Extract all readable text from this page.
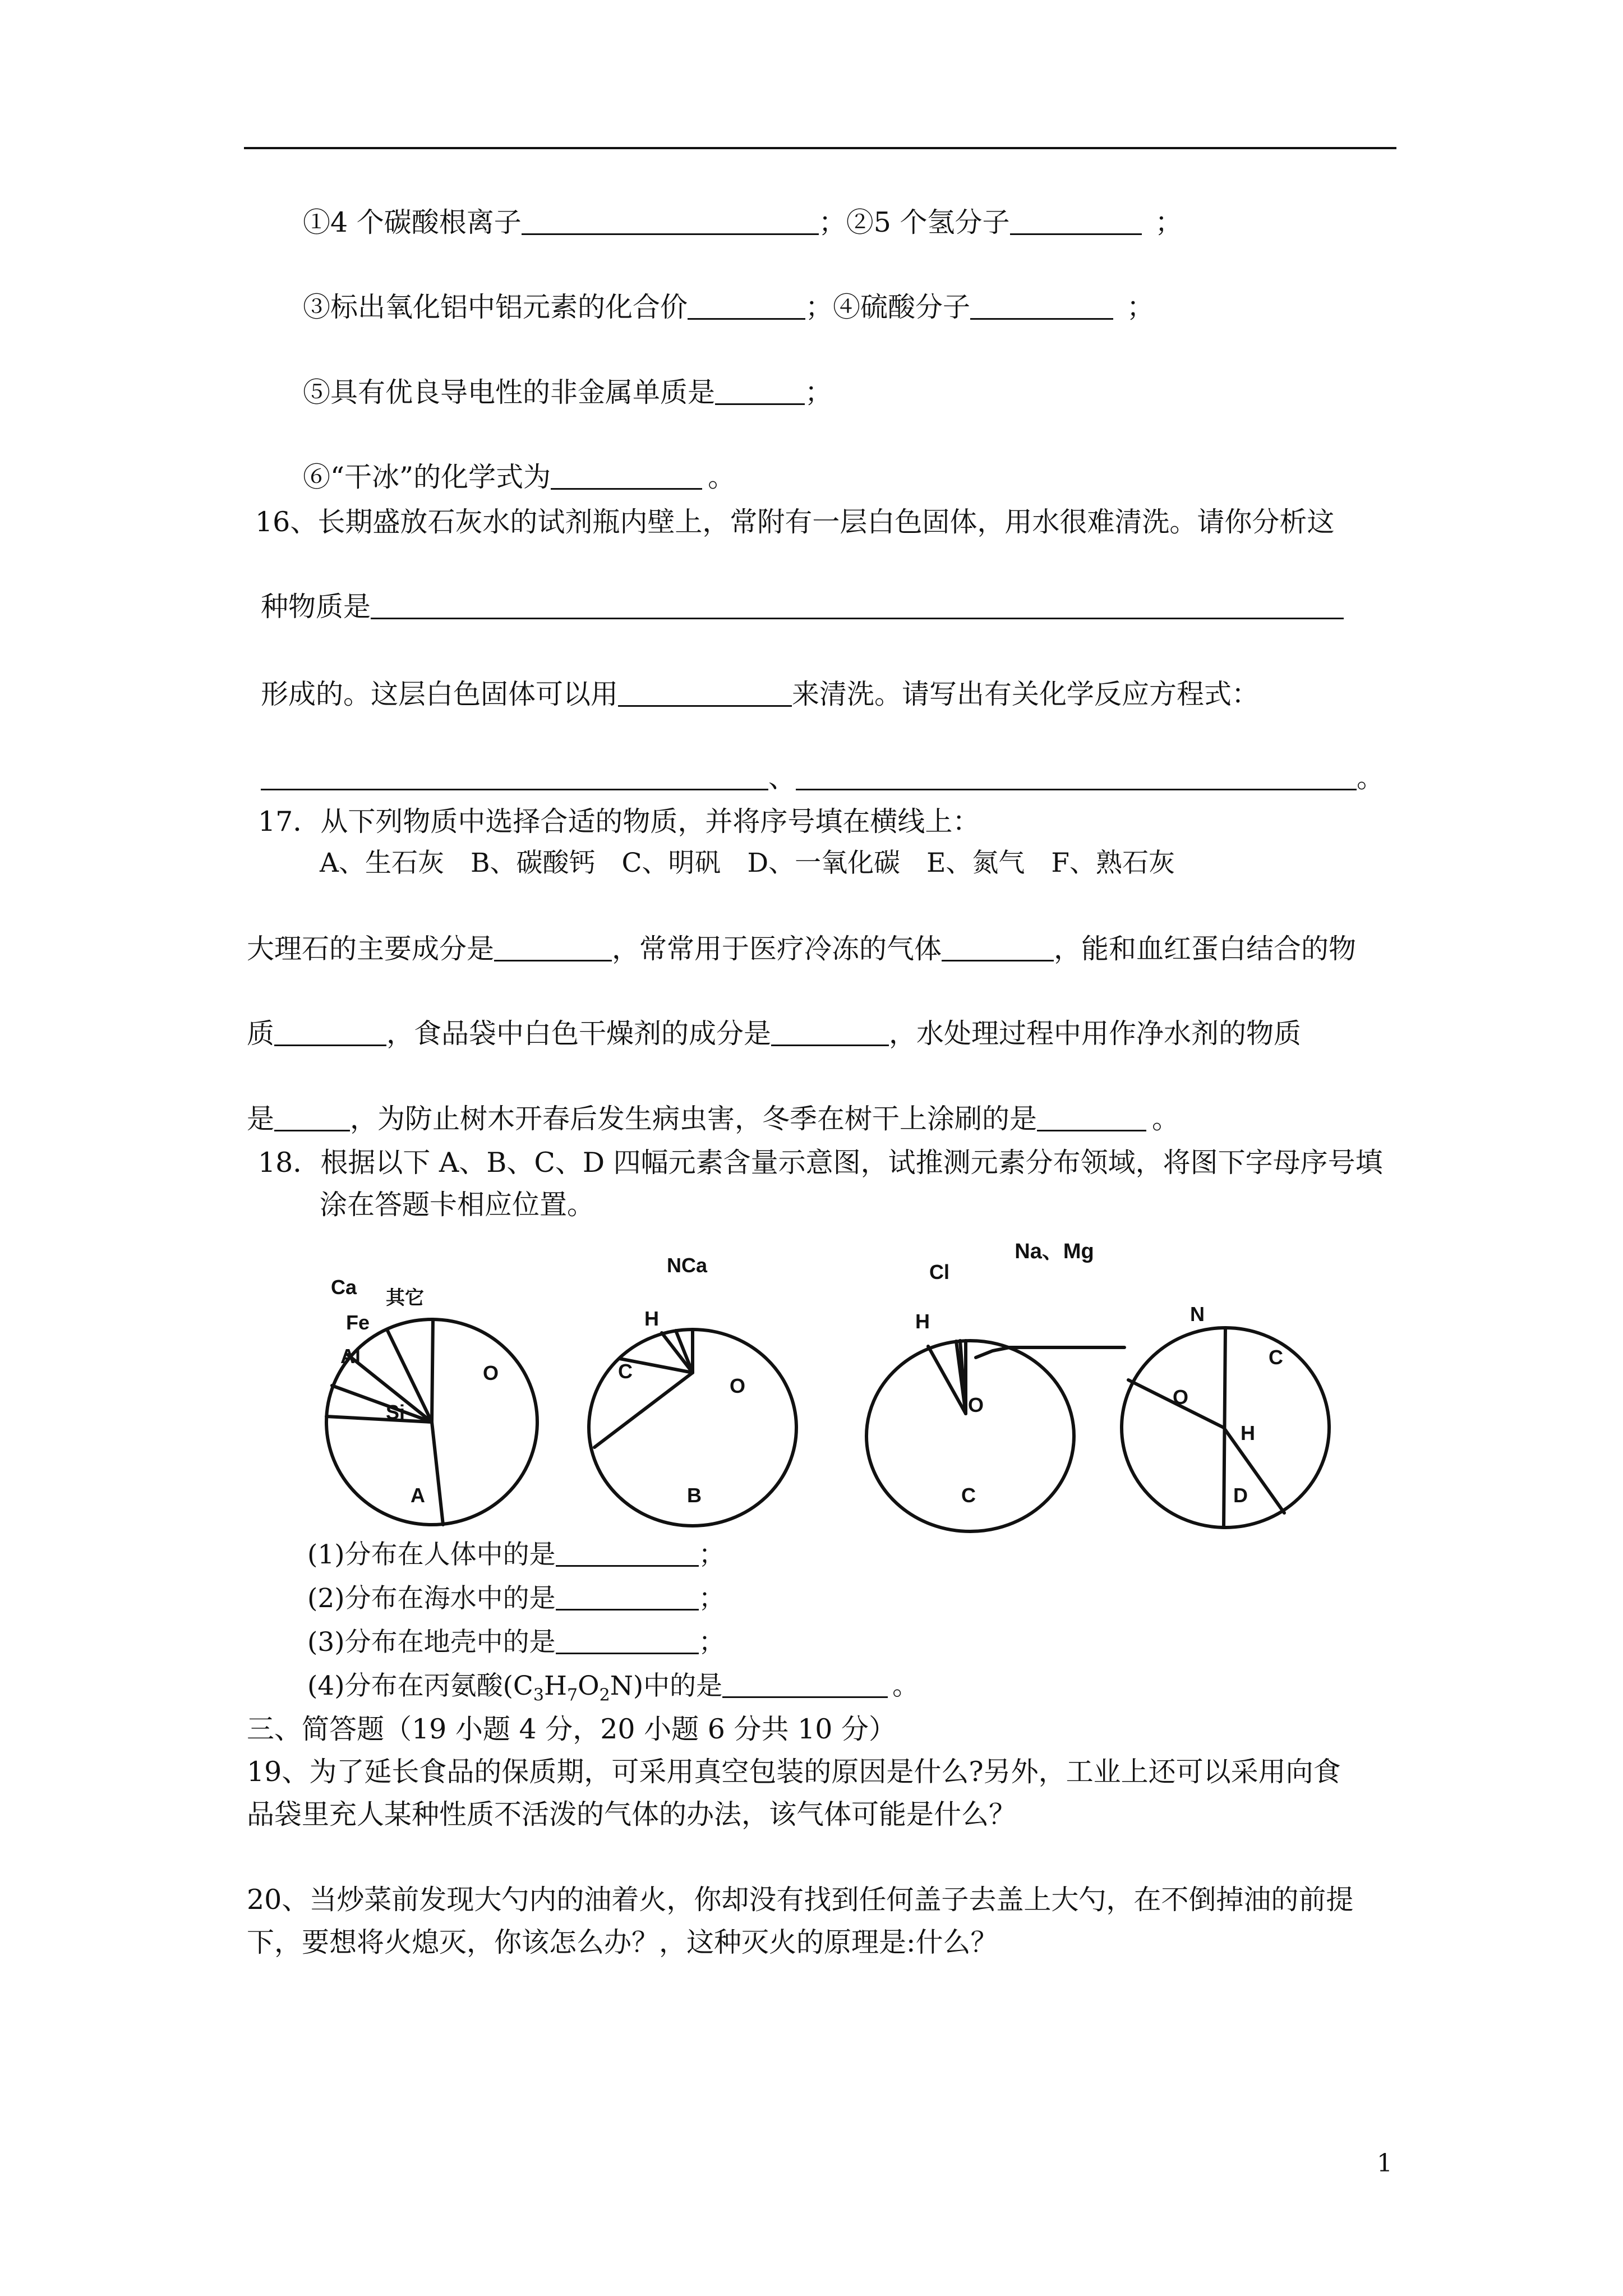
①4 个碳酸根离子	；②5 个氢分子	；
③标出氧化铝中铝元素的化合价	；④硫酸分子	；
⑤具有优良导电性的非金属单质是	；
⑥“干冰”的化学式为	。
16、长期盛放石灰水的试剂瓶内壁上，常附有一层白色固体，用水很难清洗。请你分析这
种物质是
形成的。这层白色固体可以用	来清洗。请写出有关化学反应方程式：
、	。
17．从下列物质中选择合适的物质，并将序号填在横线上：
A、生石灰　B、碳酸钙　C、明矾　D、一氧化碳　E、氮气　F、熟石灰
大理石的主要成分是	，常常用于医疗冷冻的气体	，能和血红蛋白结合的物
质	，食品袋中白色干燥剂的成分是	，水处理过程中用作净水剂的物质
是	，为防止树木开春后发生病虫害，冬季在树干上涂刷的是	。
18．根据以下 A、B、C、D 四幅元素含量示意图，试推测元素分布领域，将图下字母序号填
涂在答题卡相应位置。
Ca
Fe
Al
Si
O
其它
A
NCa
H
C
O
B
Cl
Na、Mg
H
O
C
N
C
O
H
D
(1)分布在人体中的是	；
(2)分布在海水中的是	；
(3)分布在地壳中的是	；
(4)分布在丙氨酸$(C_3H_7O_2N)$中的是	。
三、简答题（19 小题 4 分，20 小题 6 分共 10 分）
19、为了延长食品的保质期，可采用真空包装的原因是什么?另外，工业上还可以采用向食
品袋里充人某种性质不活泼的气体的办法，该气体可能是什么？
20、当炒菜前发现大勺内的油着火，你却没有找到任何盖子去盖上大勺，在不倒掉油的前提
下，要想将火熄灭，你该怎么办？，这种灭火的原理是:什么？
1
